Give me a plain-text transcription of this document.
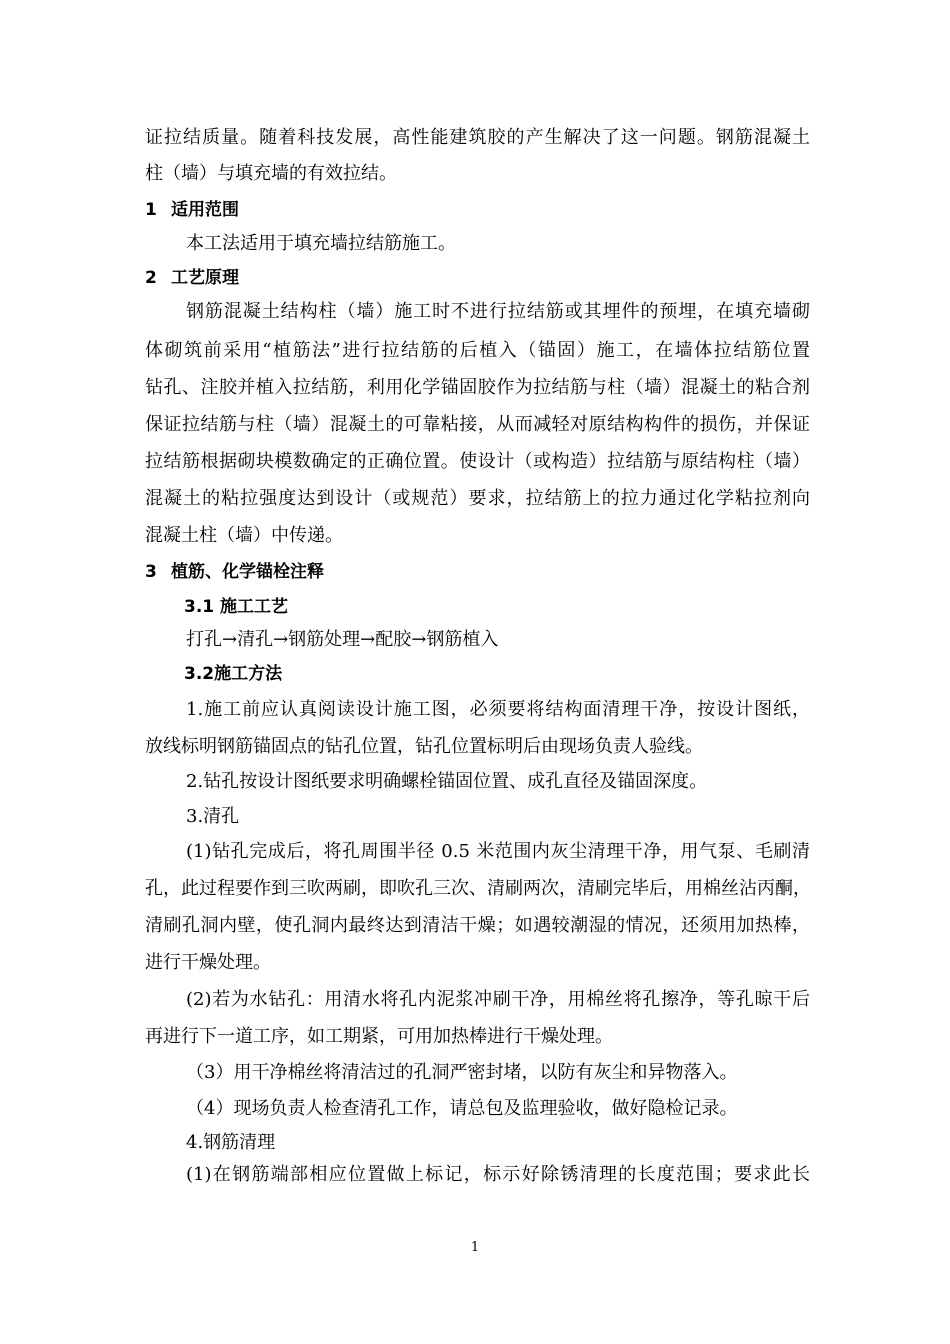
证拉结质量。随着科技发展，高性能建筑胶的产生解决了这一问题。钢筋混凝土
柱（墙）与填充墙的有效拉结。
1 适用范围
本工法适用于填充墙拉结筋施工。
2 工艺原理
钢筋混凝土结构柱（墙）施工时不进行拉结筋或其埋件的预埋，在填充墙砌
体砌筑前采用“植筋法”进行拉结筋的后植入（锚固）施工，在墙体拉结筋位置
钻孔、注胶并植入拉结筋，利用化学锚固胶作为拉结筋与柱（墙）混凝土的粘合剂
保证拉结筋与柱（墙）混凝土的可靠粘接，从而减轻对原结构构件的损伤，并保证
拉结筋根据砌块模数确定的正确位置。使设计（或构造）拉结筋与原结构柱（墙）
混凝土的粘拉强度达到设计（或规范）要求，拉结筋上的拉力通过化学粘拉剂向
混凝土柱（墙）中传递。
3 植筋、化学锚栓注释
3.1 施工工艺
打孔→清孔→钢筋处理→配胶→钢筋植入
3.2施工方法
1.施工前应认真阅读设计施工图，必须要将结构面清理干净，按设计图纸，
放线标明钢筋锚固点的钻孔位置，钻孔位置标明后由现场负责人验线。
2.钻孔按设计图纸要求明确螺栓锚固位置、成孔直径及锚固深度。
3.清孔
(1)钻孔完成后，将孔周围半径 0.5 米范围内灰尘清理干净，用气泵、毛刷清
孔，此过程要作到三吹两刷，即吹孔三次、清刷两次，清刷完毕后，用棉丝沾丙酮，
清刷孔洞内壁，使孔洞内最终达到清洁干燥；如遇较潮湿的情况，还须用加热棒，
进行干燥处理。
(2)若为水钻孔：用清水将孔内泥浆冲刷干净，用棉丝将孔擦净，等孔晾干后
再进行下一道工序，如工期紧，可用加热棒进行干燥处理。
（3）用干净棉丝将清洁过的孔洞严密封堵，以防有灰尘和异物落入。
（4）现场负责人检查清孔工作，请总包及监理验收，做好隐检记录。
4.钢筋清理
(1)在钢筋端部相应位置做上标记，标示好除锈清理的长度范围；要求此长
1
